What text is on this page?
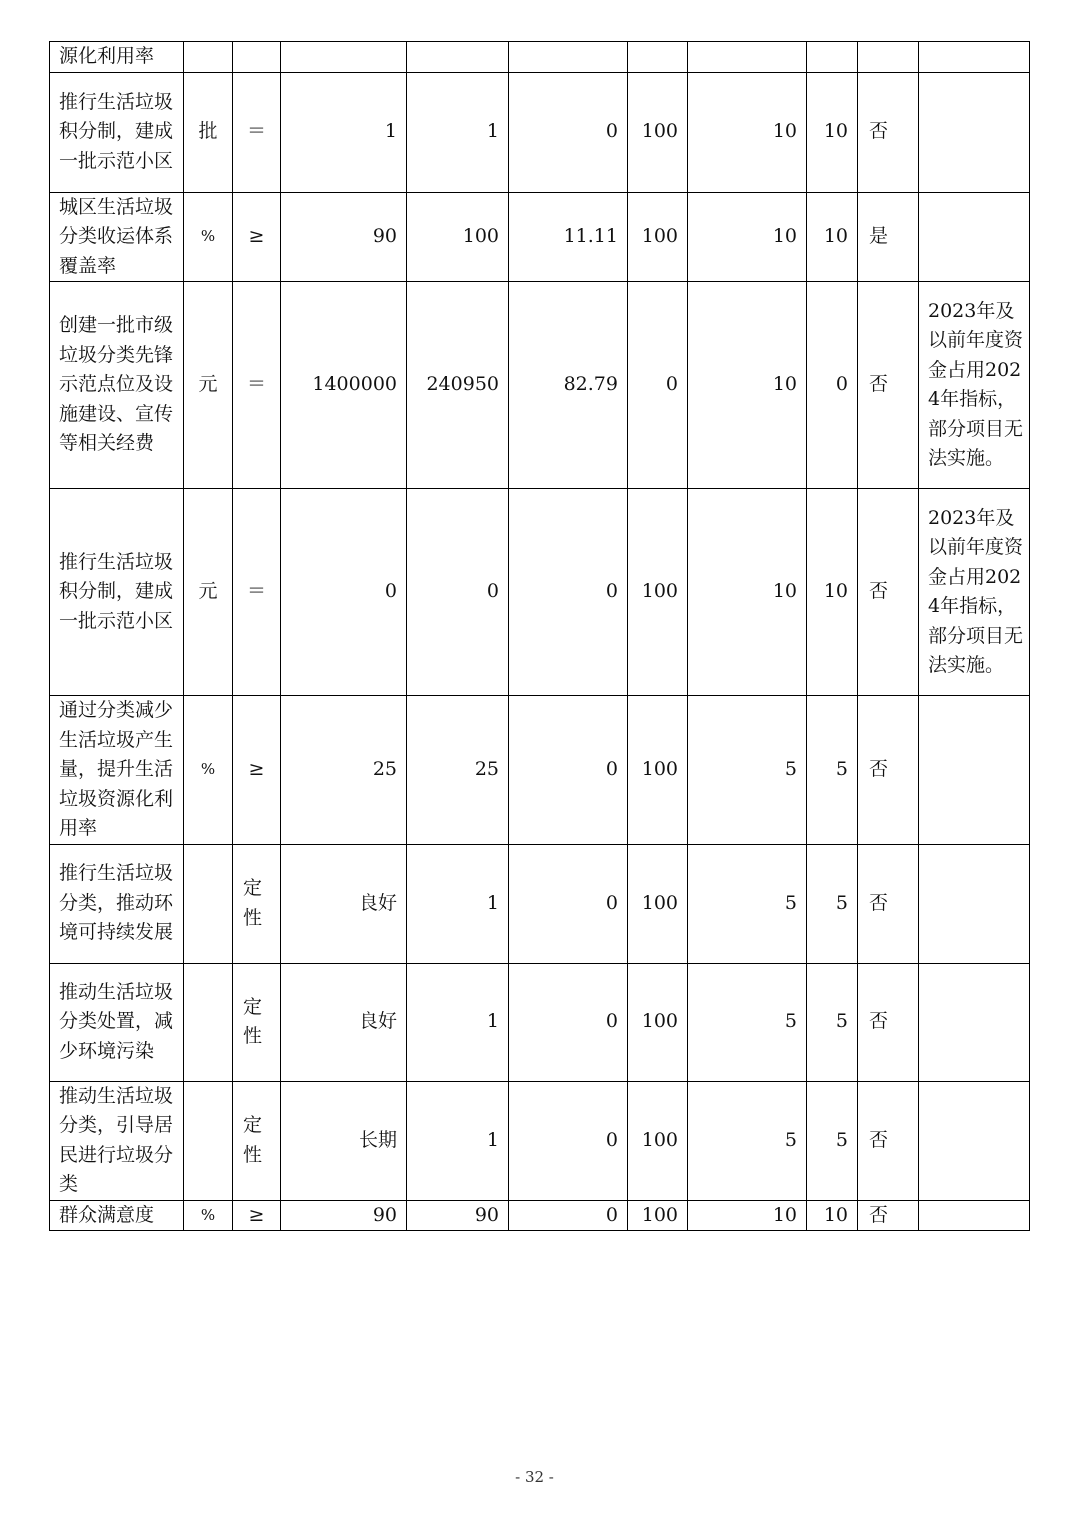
源化利用率										
推行生活垃圾积分制，建成一批示范小区	批	＝	1	1	0	100	10	10	否	
城区生活垃圾分类收运体系覆盖率	%	≥	90	100	11.11	100	10	10	是	
创建一批市级垃圾分类先锋示范点位及设施建设、宣传等相关经费	元	＝	1400000	240950	82.79	0	10	0	否	2023年及以前年度资金占用2024年指标，部分项目无法实施。
推行生活垃圾积分制，建成一批示范小区	元	＝	0	0	0	100	10	10	否	2023年及以前年度资金占用2024年指标，部分项目无法实施。
通过分类减少生活垃圾产生量，提升生活垃圾资源化利用率	%	≥	25	25	0	100	5	5	否	
推行生活垃圾分类，推动环境可持续发展		定性	良好	1	0	100	5	5	否	
推动生活垃圾分类处置，减少环境污染		定性	良好	1	0	100	5	5	否	
推动生活垃圾分类，引导居民进行垃圾分类		定性	长期	1	0	100	5	5	否	
群众满意度	%	≥	90	90	0	100	10	10	否	
- 32 -
